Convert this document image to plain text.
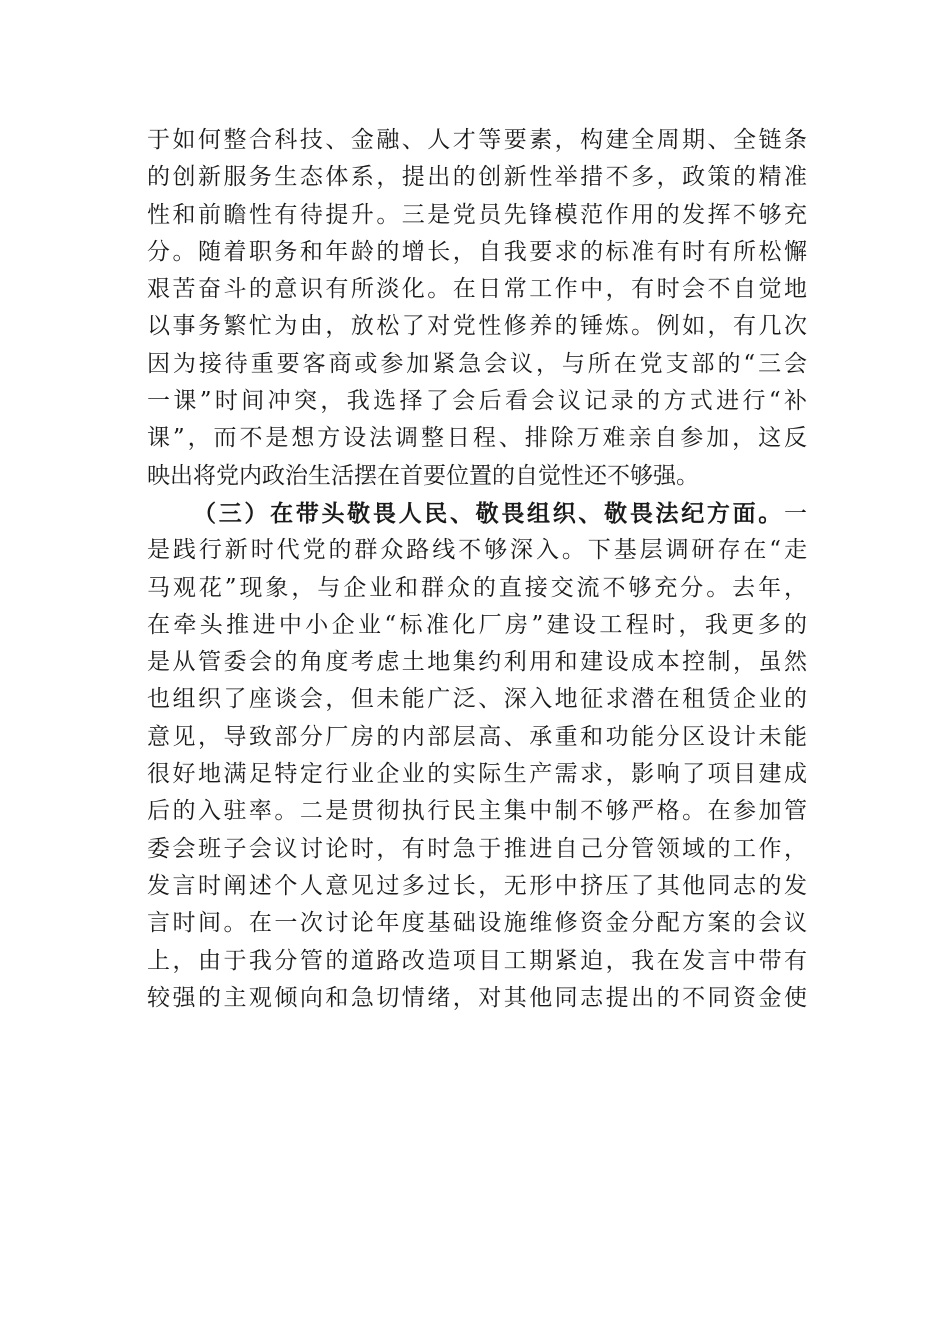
于如何整合科技、金融、人才等要素，构建全周期、全链条
的创新服务生态体系，提出的创新性举措不多，政策的精准
性和前瞻性有待提升。三是党员先锋模范作用的发挥不够充
分。随着职务和年龄的增长，自我要求的标准有时有所松懈
艰苦奋斗的意识有所淡化。在日常工作中，有时会不自觉地
以事务繁忙为由，放松了对党性修养的锤炼。例如，有几次
因为接待重要客商或参加紧急会议，与所在党支部的“三会
一课”时间冲突，我选择了会后看会议记录的方式进行“补
课”，而不是想方设法调整日程、排除万难亲自参加，这反
映出将党内政治生活摆在首要位置的自觉性还不够强。
（三）在带头敬畏人民、敬畏组织、敬畏法纪方面。一
是践行新时代党的群众路线不够深入。下基层调研存在“走
马观花”现象，与企业和群众的直接交流不够充分。去年，
在牵头推进中小企业“标准化厂房”建设工程时，我更多的
是从管委会的角度考虑土地集约利用和建设成本控制，虽然
也组织了座谈会，但未能广泛、深入地征求潜在租赁企业的
意见，导致部分厂房的内部层高、承重和功能分区设计未能
很好地满足特定行业企业的实际生产需求，影响了项目建成
后的入驻率。二是贯彻执行民主集中制不够严格。在参加管
委会班子会议讨论时，有时急于推进自己分管领域的工作，
发言时阐述个人意见过多过长，无形中挤压了其他同志的发
言时间。在一次讨论年度基础设施维修资金分配方案的会议
上，由于我分管的道路改造项目工期紧迫，我在发言中带有
较强的主观倾向和急切情绪，对其他同志提出的不同资金使
